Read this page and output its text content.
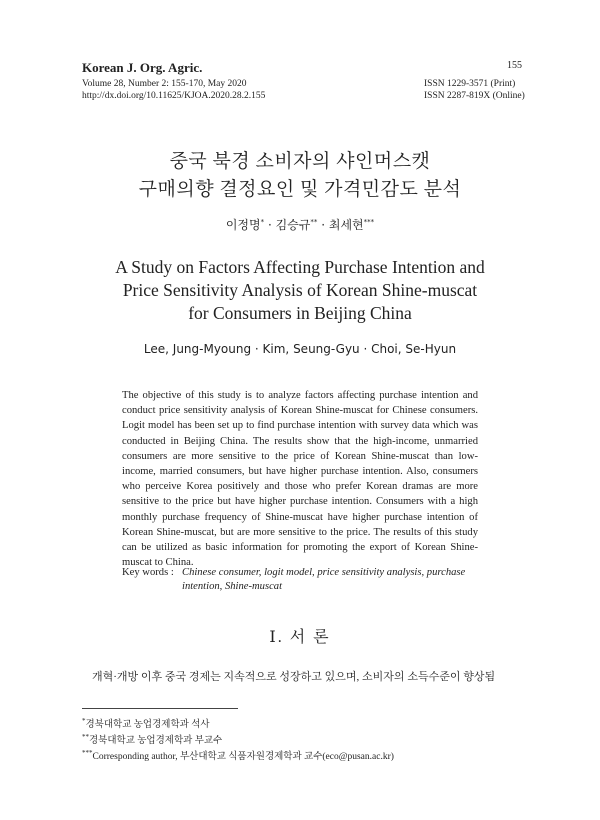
Korean J. Org. Agric.
Volume 28, Number 2: 155-170, May 2020
http://dx.doi.org/10.11625/KJOA.2020.28.2.155
155
ISSN 1229-3571 (Print)
ISSN 2287-819X (Online)
중국 북경 소비자의 샤인머스캣
구매의향 결정요인 및 가격민감도 분석
이정명* · 김승규** · 최세현***
A Study on Factors Affecting Purchase Intention and
Price Sensitivity Analysis of Korean Shine-muscat
for Consumers in Beijing China
Lee, Jung-Myoung · Kim, Seung-Gyu · Choi, Se-Hyun
The objective of this study is to analyze factors affecting purchase intention and conduct price sensitivity analysis of Korean Shine-muscat for Chinese consumers. Logit model has been set up to find purchase intention with survey data which was conducted in Beijing China. The results show that the high-income, unmarried consumers are more sensitive to the price of Korean Shine-muscat than low-income, married consumers, but have higher purchase intention. Also, consumers who perceive Korea positively and those who prefer Korean dramas are more sensitive to the price but have higher purchase intention. Consumers with a high monthly purchase frequency of Shine-muscat have higher purchase intention of Korean Shine-muscat, but are more sensitive to the price. The results of this study can be utilized as basic information for promoting the export of Korean Shine- muscat to China.
Key words : Chinese consumer, logit model, price sensitivity analysis, purchase intention, Shine-muscat
Ⅰ. 서 론
개혁·개방 이후 중국 경제는 지속적으로 성장하고 있으며, 소비자의 소득수준이 향상됨
*경북대학교 농업경제학과 석사
**경북대학교 농업경제학과 부교수
***Corresponding author, 부산대학교 식품자원경제학과 교수(eco@pusan.ac.kr)
